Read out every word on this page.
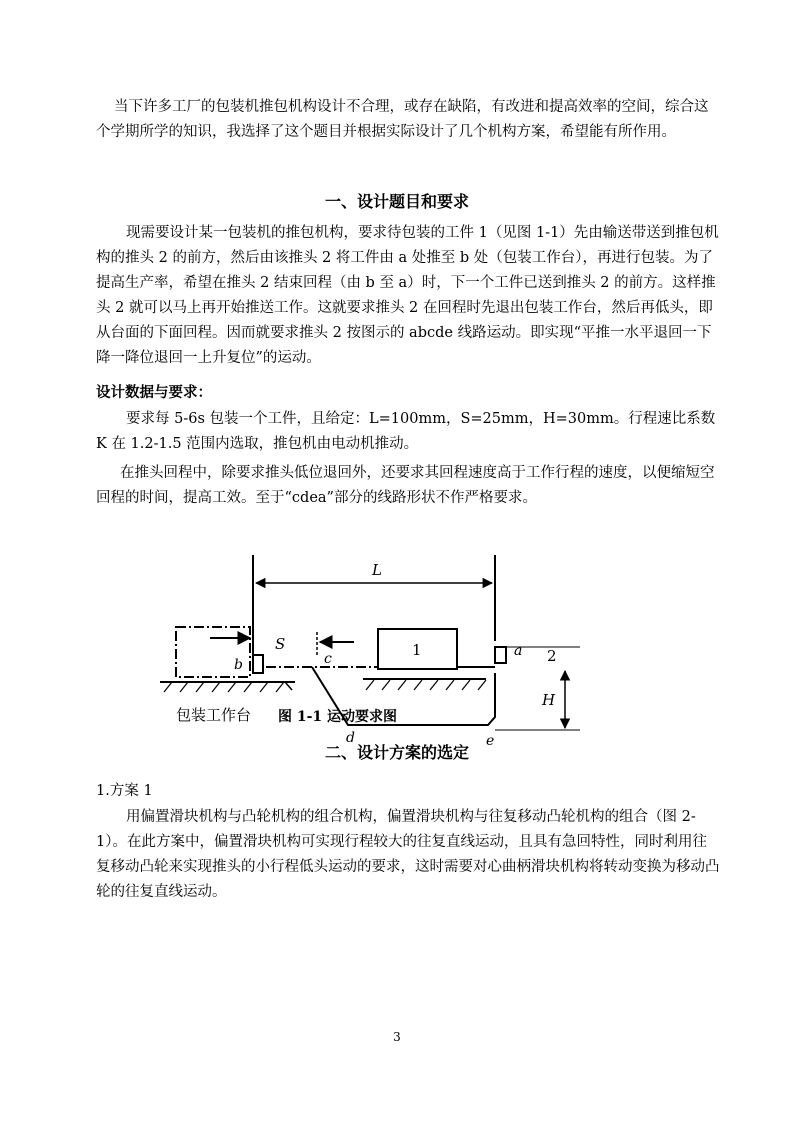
当下许多工厂的包装机推包机构设计不合理，或存在缺陷，有改进和提高效率的空间，综合这个学期所学的知识，我选择了这个题目并根据实际设计了几个机构方案，希望能有所作用。

一、设计题目和要求

现需要设计某一包装机的推包机构，要求待包装的工件 1（见图 1-1）先由输送带送到推包机构的推头 2 的前方，然后由该推头 2 将工件由 a 处推至 b 处（包装工作台），再进行包装。为了提高生产率，希望在推头 2 结束回程（由 b 至 a）时，下一个工件已送到推头 2 的前方。这样推头 2 就可以马上再开始推送工作。这就要求推头 2 在回程时先退出包装工作台，然后再低头，即从台面的下面回程。因而就要求推头 2 按图示的 abcde 线路运动。即实现“平推一水平退回一下降一降位退回一上升复位”的运动。

设计数据与要求：

要求每 5-6s 包装一个工件，且给定：L=100mm，S=25mm，H=30mm。行程速比系数 K 在 1.2-1.5 范围内选取，推包机由电动机推动。

在推头回程中，除要求推头低位退回外，还要求其回程速度高于工作行程的速度，以便缩短空回程的时间，提高工效。至于“cdea”部分的线路形状不作严格要求。

L
S
包装工作台
b	c	1	a 2
H
d	e
图 1-1 运动要求图
二、设计方案的选定
1.方案 1

用偏置滑块机构与凸轮机构的组合机构，偏置滑块机构与往复移动凸轮机构的组合（图 2-1）。在此方案中，偏置滑块机构可实现行程较大的往复直线运动，且具有急回特性，同时利用往复移动凸轮来实现推头的小行程低头运动的要求，这时需要对心曲柄滑块机构将转动变换为移动凸轮的往复直线运动。

3
